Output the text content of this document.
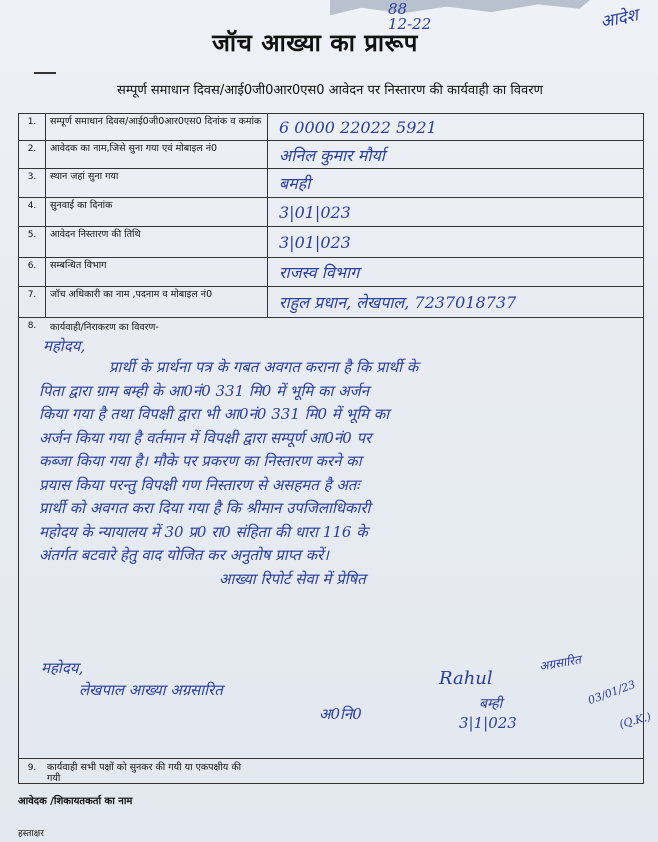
88
12-22	आदेश
जॉच आख्या का प्रारूप
सम्पूर्ण समाधान दिवस/आई0जी0आर0एस0 आवेदन पर निस्तारण की कार्यवाही का विवरण
1.	सम्पूर्ण समाधान दिवस/आई0जी0आर0एस0 दिनांक व कमांक	6 0000 22022 5921
2.	आवेदक का नाम,जिसे सुना गया एवं मोबाइल नं0	अनिल कुमार मौर्या
3.	स्थान जहां सुना गया	बमही
4.	सुनवाई का दिनांक	3|01|023
5.	आवेदन निस्तारण की तिथि	3|01|023
6.	सम्बन्धित विभाग	राजस्व विभाग
7.	जॉच अधिकारी का नाम ,पदनाम व मोबाइल नं0	राहुल प्रधान, लेखपाल, 7237018737
8.	कार्यवाही/निराकरण का विवरण-
महोदय,
प्रार्थी के प्रार्थना पत्र के गबत अवगत कराना है कि प्रार्थी के
पिता द्वारा ग्राम बम्ही के आ0नं0 331 मि0 में भूमि का अर्जन
किया गया है तथा विपक्षी द्वारा भी आ0नं0 331 मि0 में भूमि का
अर्जन किया गया है वर्तमान में विपक्षी द्वारा सम्पूर्ण आ0नं0 पर
कब्जा किया गया है। मौके पर प्रकरण का निस्तारण करने का
प्रयास किया परन्तु विपक्षी गण निस्तारण से असहमत है अतः
प्रार्थी को अवगत करा दिया गया है कि श्रीमान उपजिलाधिकारी
महोदय के न्यायालय में 30 प्र0 रा0 संहिता की धारा 116 के
अंतर्गत बटवारे हेतु वाद योजित कर अनुतोष प्राप्त करें।
आख्या रिपोर्ट सेवा में प्रेषित
महोदय,
लेखपाल आख्या अग्रसारित
Rahul
बम्ही
3|1|023
अग्रसारित
03/01/23
(Q.K.)
अ0नि0
9.	कार्यवाही सभी पक्षों को सुनकर की गयी या एकपक्षीय की गयी
आवेदक /शिकायतकर्ता का नाम
हस्ताक्षर
